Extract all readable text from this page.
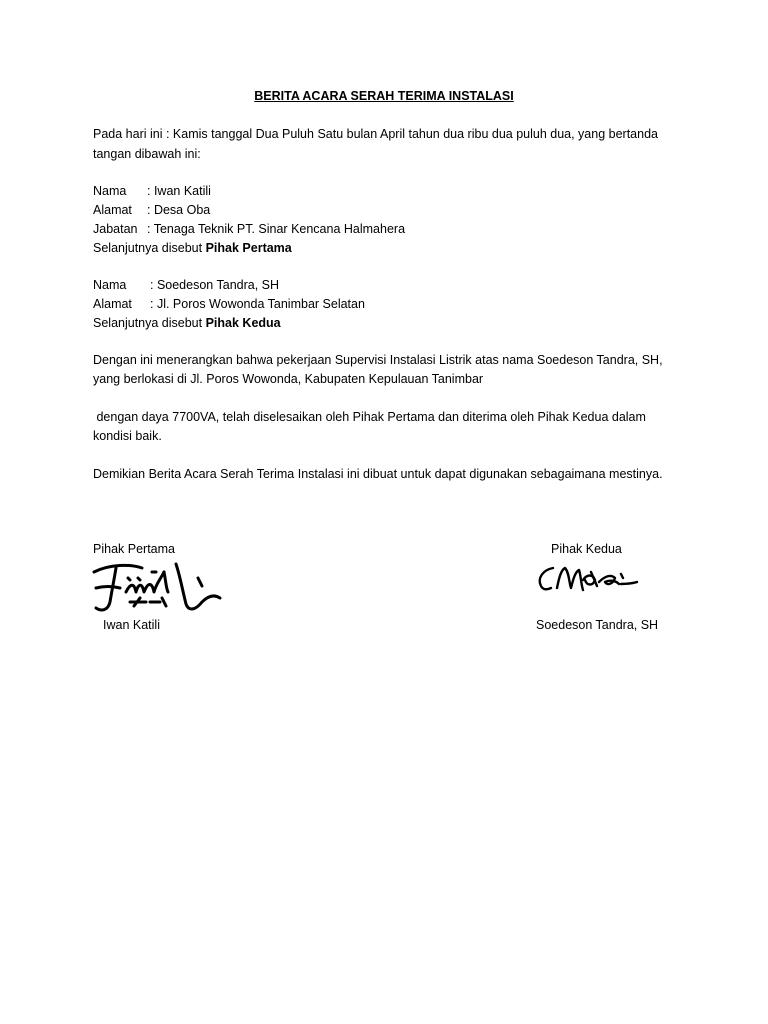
BERITA ACARA SERAH TERIMA INSTALASI
Pada hari ini : Kamis tanggal Dua Puluh Satu bulan April tahun dua ribu dua puluh dua, yang bertanda
tangan dibawah ini:
Nama : Iwan Katili
Alamat : Desa Oba
Jabatan : Tenaga Teknik PT. Sinar Kencana Halmahera
Selanjutnya disebut Pihak Pertama
Nama : Soedeson Tandra, SH
Alamat : Jl. Poros Wowonda Tanimbar Selatan
Selanjutnya disebut Pihak Kedua
Dengan ini menerangkan bahwa pekerjaan Supervisi Instalasi Listrik atas nama Soedeson Tandra, SH,
yang berlokasi di Jl. Poros Wowonda, Kabupaten Kepulauan Tanimbar
dengan daya 7700VA, telah diselesaikan oleh Pihak Pertama dan diterima oleh Pihak Kedua dalam
kondisi baik.
Demikian Berita Acara Serah Terima Instalasi ini dibuat untuk dapat digunakan sebagaimana mestinya.
Pihak Pertama	Pihak Kedua
Iwan Katili	Soedeson Tandra, SH
